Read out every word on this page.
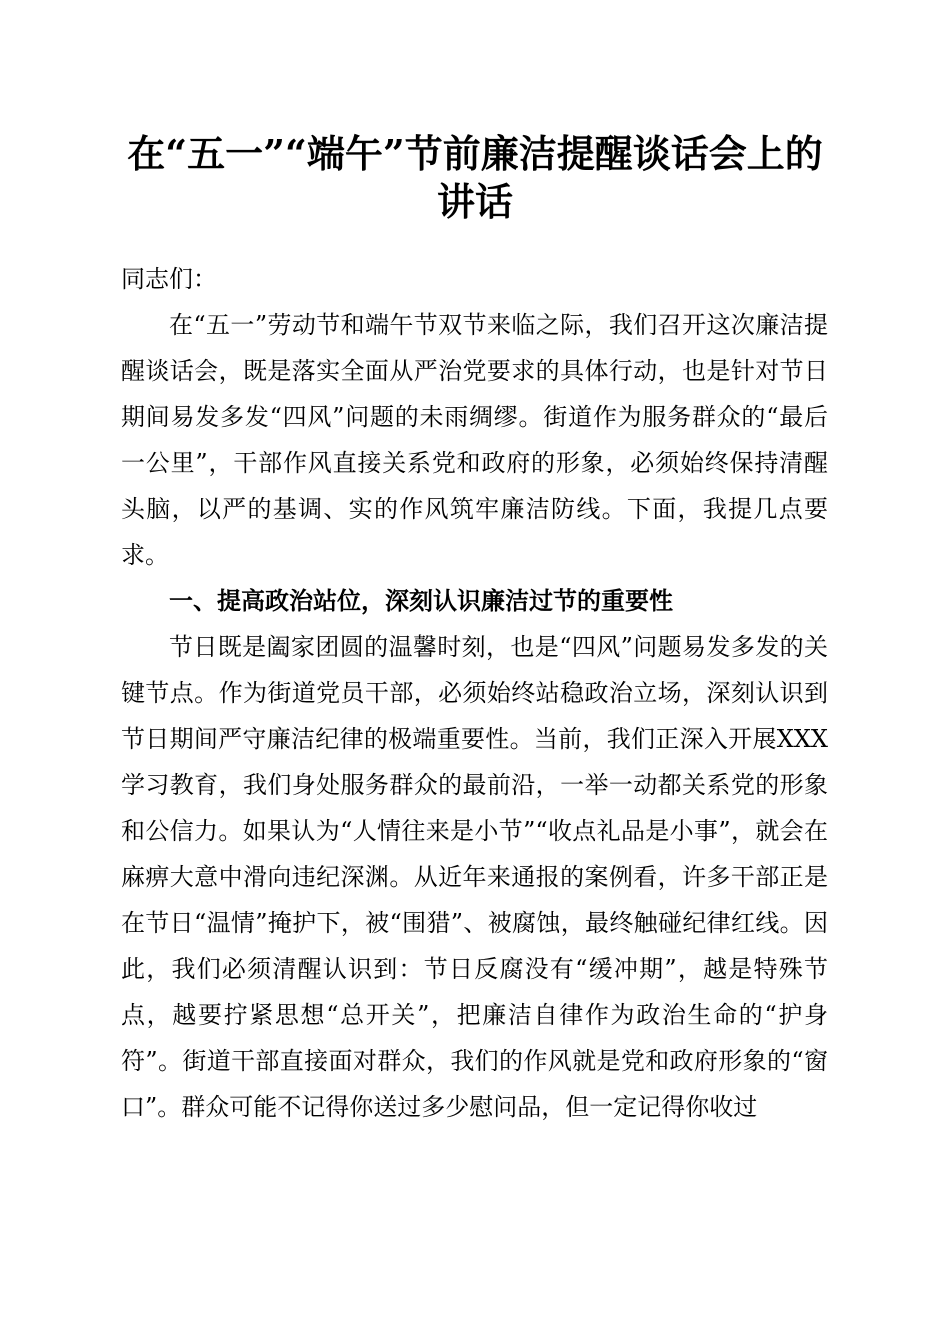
在“五一”“端午”节前廉洁提醒谈话会上的
讲话

同志们：

在“五一”劳动节和端午节双节来临之际，我们召开这次廉洁提醒谈话会，既是落实全面从严治党要求的具体行动，也是针对节日期间易发多发“四风”问题的未雨绸缪。街道作为服务群众的“最后一公里”，干部作风直接关系党和政府的形象，必须始终保持清醒头脑，以严的基调、实的作风筑牢廉洁防线。下面，我提几点要求。

一、提高政治站位，深刻认识廉洁过节的重要性

节日既是阖家团圆的温馨时刻，也是“四风”问题易发多发的关键节点。作为街道党员干部，必须始终站稳政治立场，深刻认识到节日期间严守廉洁纪律的极端重要性。当前，我们正深入开展XXX学习教育，我们身处服务群众的最前沿，一举一动都关系党的形象和公信力。如果认为“人情往来是小节”“收点礼品是小事”，就会在麻痹大意中滑向违纪深渊。从近年来通报的案例看，许多干部正是在节日“温情”掩护下，被“围猎”、被腐蚀，最终触碰纪律红线。因此，我们必须清醒认识到：节日反腐没有“缓冲期”，越是特殊节点，越要拧紧思想“总开关”，把廉洁自律作为政治生命的“护身符”。街道干部直接面对群众，我们的作风就是党和政府形象的“窗口”。群众可能不记得你送过多少慰问品，但一定记得你收过
